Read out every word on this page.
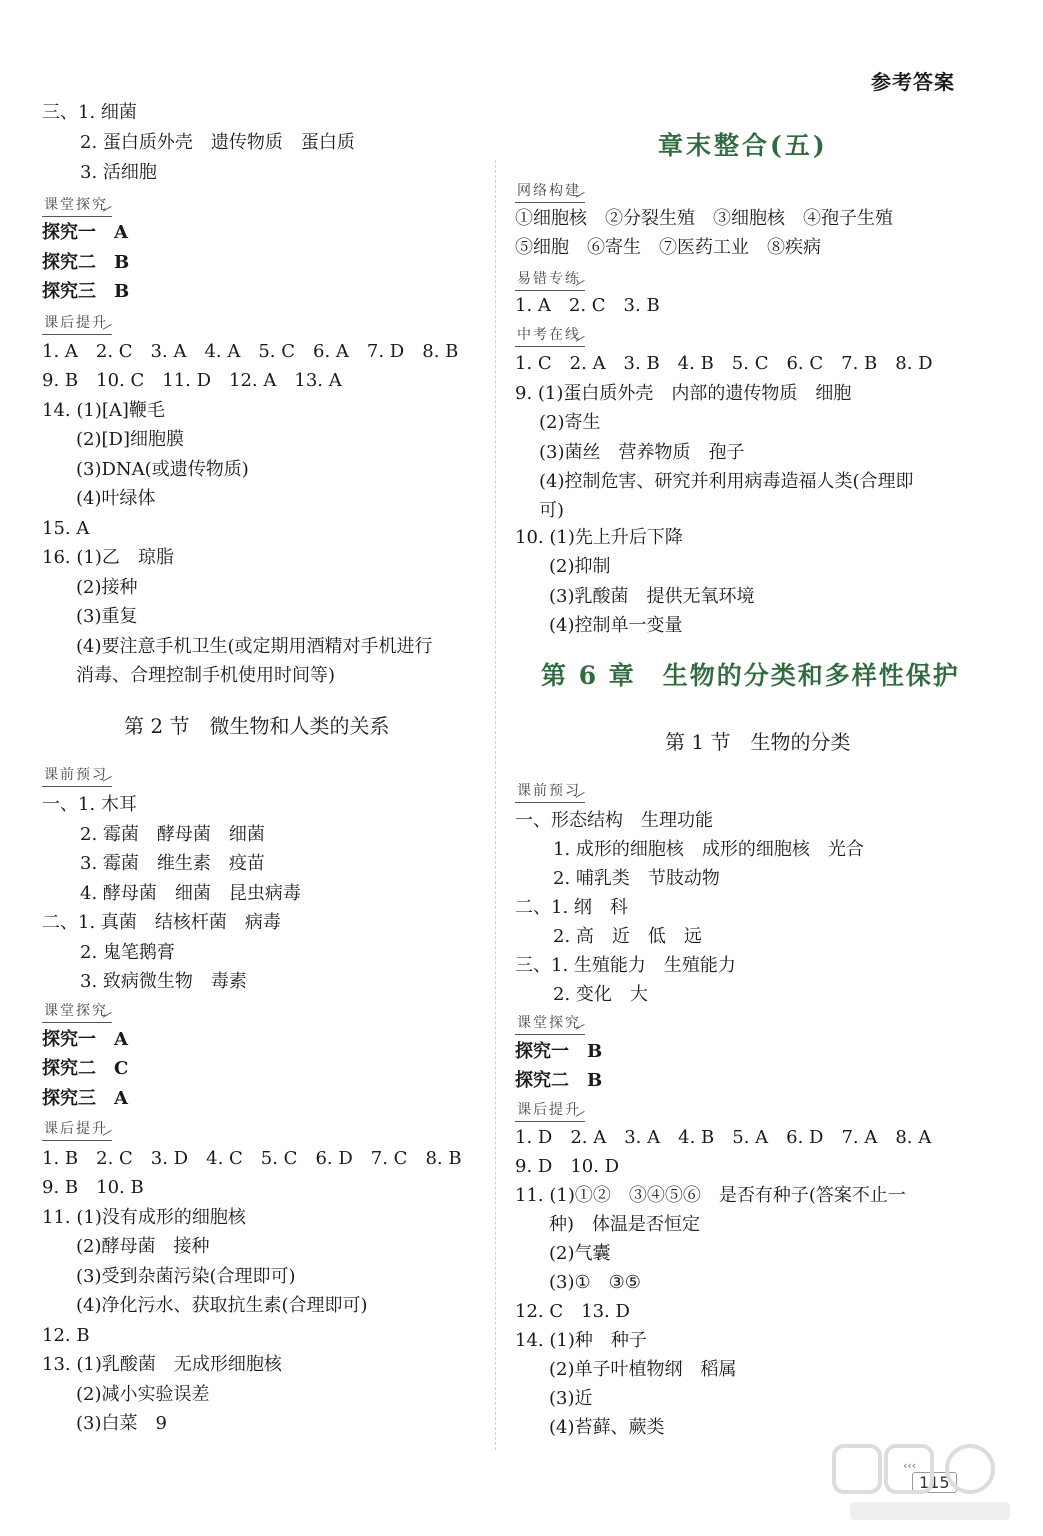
参考答案
三、1. 细菌
2. 蛋白质外壳　遗传物质　蛋白质
3. 活细胞
课堂探究
探究一　A
探究二　B
探究三　B
课后提升
1. A　2. C　3. A　4. A　5. C　6. A　7. D　8. B
9. B　10. C　11. D　12. A　13. A
14. (1)[A]鞭毛
(2)[D]细胞膜
(3)DNA(或遗传物质)
(4)叶绿体
15. A
16. (1)乙　琼脂
(2)接种
(3)重复
(4)要注意手机卫生(或定期用酒精对手机进行
消毒、合理控制手机使用时间等)
第 2 节　微生物和人类的关系
课前预习
一、1. 木耳
2. 霉菌　酵母菌　细菌
3. 霉菌　维生素　疫苗
4. 酵母菌　细菌　昆虫病毒
二、1. 真菌　结核杆菌　病毒
2. 鬼笔鹅膏
3. 致病微生物　毒素
课堂探究
探究一　A
探究二　C
探究三　A
课后提升
1. B　2. C　3. D　4. C　5. C　6. D　7. C　8. B
9. B　10. B
11. (1)没有成形的细胞核
(2)酵母菌　接种
(3)受到杂菌污染(合理即可)
(4)净化污水、获取抗生素(合理即可)
12. B
13. (1)乳酸菌　无成形细胞核
(2)减小实验误差
(3)白菜　9
章末整合(五)
网络构建
①细胞核　②分裂生殖　③细胞核　④孢子生殖
⑤细胞　⑥寄生　⑦医药工业　⑧疾病
易错专练
1. A　2. C　3. B
中考在线
1. C　2. A　3. B　4. B　5. C　6. C　7. B　8. D
9. (1)蛋白质外壳　内部的遗传物质　细胞
(2)寄生
(3)菌丝　营养物质　孢子
(4)控制危害、研究并利用病毒造福人类(合理即
可)
10. (1)先上升后下降
(2)抑制
(3)乳酸菌　提供无氧环境
(4)控制单一变量
第 6 章　生物的分类和多样性保护
第 1 节　生物的分类
课前预习
一、形态结构　生理功能
1. 成形的细胞核　成形的细胞核　光合
2. 哺乳类　节肢动物
二、1. 纲　科
2. 高　近　低　远
三、1. 生殖能力　生殖能力
2. 变化　大
课堂探究
探究一　B
探究二　B
课后提升
1. D　2. A　3. A　4. B　5. A　6. D　7. A　8. A
9. D　10. D
11. (1)①②　③④⑤⑥　是否有种子(答案不止一
种)　体温是否恒定
(2)气囊
(3)①　③⑤
12. C　13. D
14. (1)种　种子
(2)单子叶植物纲　稻属
(3)近
(4)苔藓、蕨类
‹‹‹ 115
